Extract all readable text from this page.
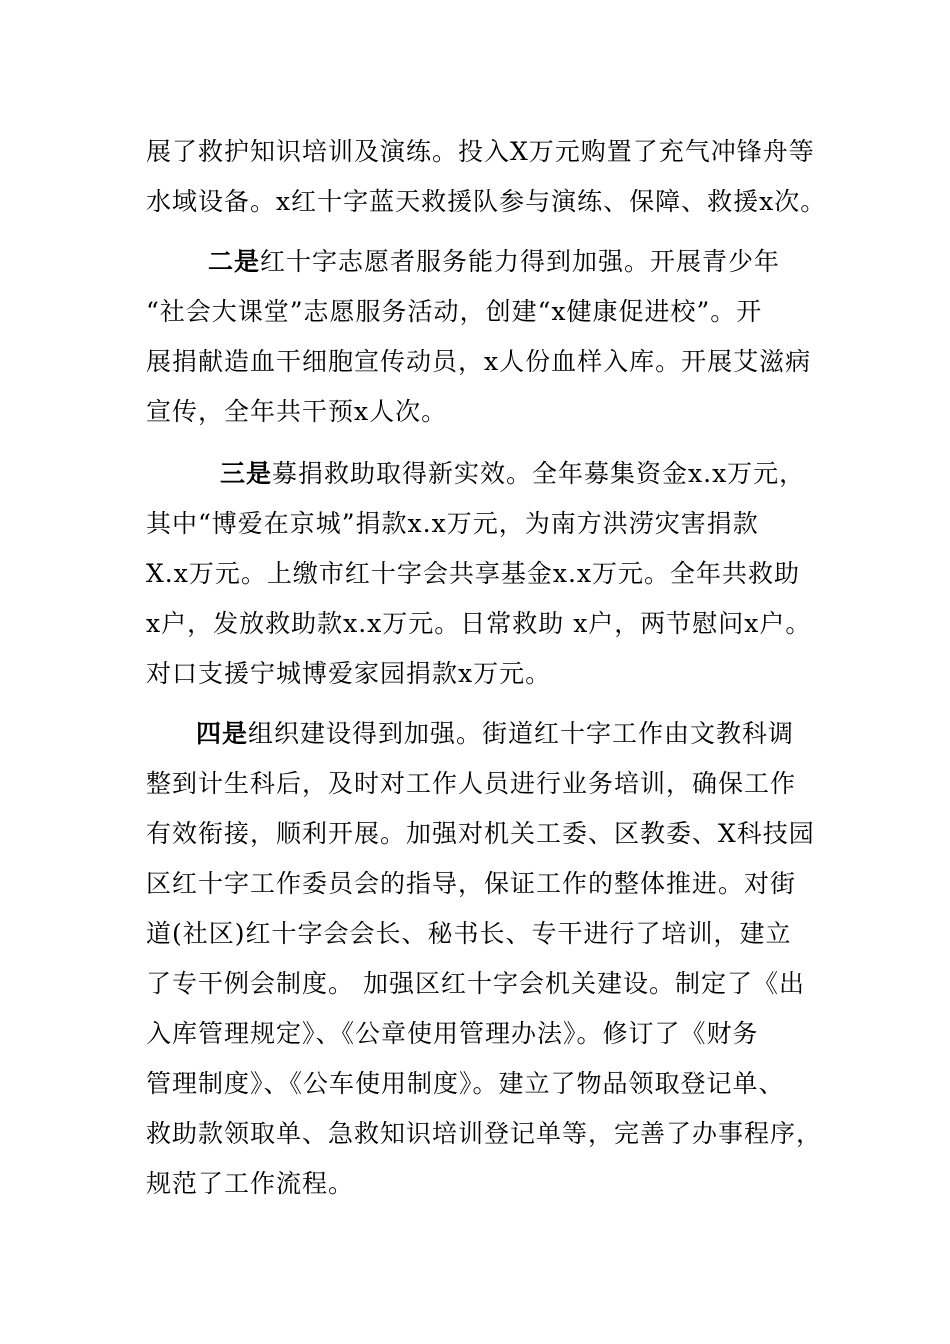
展了救护知识培训及演练。投入X万元购置了充气冲锋舟等
水域设备。x红十字蓝天救援队参与演练、保障、救援x次。
二是红十字志愿者服务能力得到加强。开展青少年
“社会大课堂”志愿服务活动，创建“x健康促进校”。开
展捐献造血干细胞宣传动员，x人份血样入库。开展艾滋病
宣传，全年共干预x人次。
三是募捐救助取得新实效。全年募集资金x.x万元，
其中“博爱在京城”捐款x.x万元，为南方洪涝灾害捐款
X.x万元。上缴市红十字会共享基金x.x万元。全年共救助
x户，发放救助款x.x万元。日常救助 x户，两节慰问x户。
对口支援宁城博爱家园捐款x万元。
四是组织建设得到加强。街道红十字工作由文教科调
整到计生科后，及时对工作人员进行业务培训，确保工作
有效衔接，顺利开展。加强对机关工委、区教委、X科技园
区红十字工作委员会的指导，保证工作的整体推进。对街
道(社区)红十字会会长、秘书长、专干进行了培训，建立
了专干例会制度。 加强区红十字会机关建设。制定了《出
入库管理规定》、《公章使用管理办法》。修订了《财务
管理制度》、《公车使用制度》。建立了物品领取登记单、
救助款领取单、急救知识培训登记单等，完善了办事程序，
规范了工作流程。
